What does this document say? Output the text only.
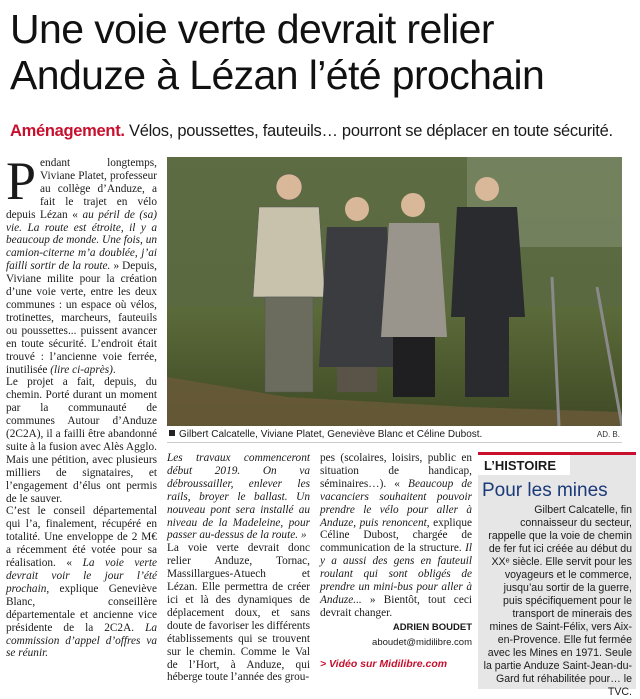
Une voie verte devrait relier Anduze à Lézan l’été prochain
Aménagement. Vélos, poussettes, fauteuils… pourront se déplacer en toute sécurité.

P endant longtemps, Viviane Platet, professeur au collège d’Anduze, a fait le trajet en vélo depuis Lézan « au péril de (sa) vie. La route est étroite, il y a beaucoup de monde. Une fois, un camion-citerne m’a doublée, j’ai failli sortir de la route. » Depuis, Viviane milite pour la création d’une voie verte, entre les deux communes : un espace où vélos, trotinettes, marcheurs, fauteuils ou poussettes... puissent avancer en toute sécurité. L’endroit était trouvé : l’ancienne voie ferrée, inutilisée (lire ci-après).

Le projet a fait, depuis, du chemin. Porté durant un moment par la communauté de communes Autour d’Anduze (2C2A), il a failli être abandonné suite à la fusion avec Alès Agglo. Mais une pétition, avec plusieurs milliers de signataires, et l’engagement d’élus ont permis de le sauver.

C’est le conseil départemental qui l’a, finalement, récupéré en totalité. Une enveloppe de 2 M€ a récemment été votée pour sa réalisation. « La voie verte devrait voir le jour l’été prochain, explique Geneviève Blanc, conseillère départementale et ancienne vice présidente de la 2C2A. La commission d’appel d’offres va se réunir.

Gilbert Calcatelle, Viviane Platet, Geneviève Blanc et Céline Dubost.	AD. B.

Les travaux commenceront début 2019. On va débroussailler, enlever les rails, broyer le ballast. Un nouveau pont sera installé au niveau de la Madeleine, pour passer au-dessus de la route. »

La voie verte devrait donc relier Anduze, Tornac, Massillargues-Atuech et Lézan. Elle permettra de créer ici et là des dynamiques de déplacement doux, et sans doute de favoriser les différents établissements qui se trouvent sur le chemin. Comme le Val de l’Hort, à Anduze, qui héberge toute l’année des grou-

pes (scolaires, loisirs, public en situation de handicap, séminaires…). « Beaucoup de vacanciers souhaitent pouvoir prendre le vélo pour aller à Anduze, puis renoncent, explique Céline Dubost, chargée de communication de la structure. Il y a aussi des gens en fauteuil roulant qui sont obligés de prendre un mini-bus pour aller à Anduze... » Bientôt, tout ceci devrait changer.

ADRIEN BOUDET
aboudet@midilibre.com
> Vidéo sur Midilibre.com
L’HISTOIRE
Pour les mines
Gilbert Calcatelle, fin connaisseur du secteur, rappelle que la voie de chemin de fer fut ici créée au début du XXᵉ siècle. Elle servit pour les voyageurs et le commerce, jusqu’au sortir de la guerre, puis spécifiquement pour le transport de minerais des mines de Saint-Félix, vers Aix-en-Provence. Elle fut fermée avec les Mines en 1971. Seule la partie Anduze Saint-Jean-du-Gard fut réhabilitée pour… le TVC.
